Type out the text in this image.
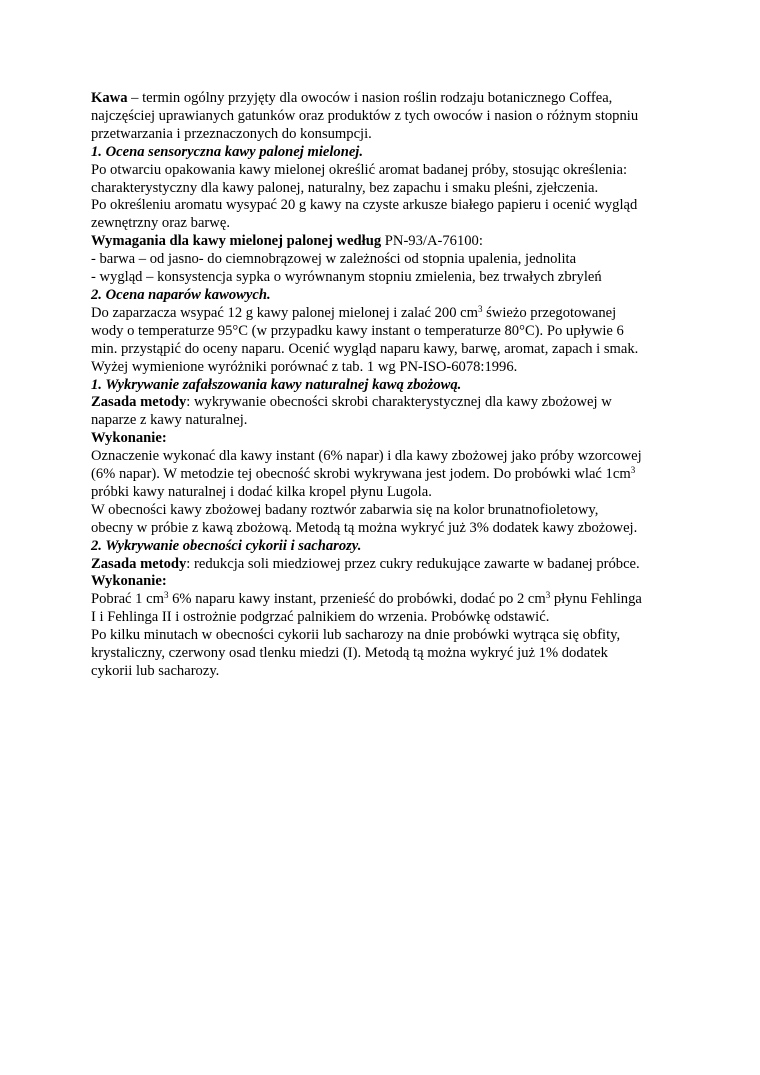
Kawa – termin ogólny przyjęty dla owoców i nasion roślin rodzaju botanicznego Coffea,
najczęściej uprawianych gatunków oraz produktów z tych owoców i nasion o różnym stopniu
przetwarzania i przeznaczonych do konsumpcji.
1. Ocena sensoryczna kawy palonej mielonej.
Po otwarciu opakowania kawy mielonej określić aromat badanej próby, stosując określenia:
charakterystyczny dla kawy palonej, naturalny, bez zapachu i smaku pleśni, zjełczenia.
Po określeniu aromatu wysypać 20 g kawy na czyste arkusze białego papieru i ocenić wygląd
zewnętrzny oraz barwę.
Wymagania dla kawy mielonej palonej według PN-93/A-76100:
- barwa – od jasno- do ciemnobrązowej w zależności od stopnia upalenia, jednolita
- wygląd – konsystencja sypka o wyrównanym stopniu zmielenia, bez trwałych zbryleń
2. Ocena naparów kawowych.
Do zaparzacza wsypać 12 g kawy palonej mielonej i zalać 200 $cm^3$ świeżo przegotowanej
wody o temperaturze 95°C (w przypadku kawy instant o temperaturze 80°C). Po upływie 6
min. przystąpić do oceny naparu. Ocenić wygląd naparu kawy, barwę, aromat, zapach i smak.
Wyżej wymienione wyróżniki porównać z tab. 1 wg PN-ISO-6078:1996.
1. Wykrywanie zafałszowania kawy naturalnej kawą zbożową.
Zasada metody: wykrywanie obecności skrobi charakterystycznej dla kawy zbożowej w
naparze z kawy naturalnej.
Wykonanie:
Oznaczenie wykonać dla kawy instant (6% napar) i dla kawy zbożowej jako próby wzorcowej
(6% napar). W metodzie tej obecność skrobi wykrywana jest jodem. Do probówki wlać $1cm^3$
próbki kawy naturalnej i dodać kilka kropel płynu Lugola.
W obecności kawy zbożowej badany roztwór zabarwia się na kolor brunatnofioletowy,
obecny w próbie z kawą zbożową. Metodą tą można wykryć już 3% dodatek kawy zbożowej.
2. Wykrywanie obecności cykorii i sacharozy.
Zasada metody: redukcja soli miedziowej przez cukry redukujące zawarte w badanej próbce.
Wykonanie:
Pobrać 1 $cm^3$ 6% naparu kawy instant, przenieść do probówki, dodać po 2 $cm^3$ płynu Fehlinga
I i Fehlinga II i ostrożnie podgrzać palnikiem do wrzenia. Probówkę odstawić.
Po kilku minutach w obecności cykorii lub sacharozy na dnie probówki wytrąca się obfity,
krystaliczny, czerwony osad tlenku miedzi (I). Metodą tą można wykryć już 1% dodatek
cykorii lub sacharozy.
